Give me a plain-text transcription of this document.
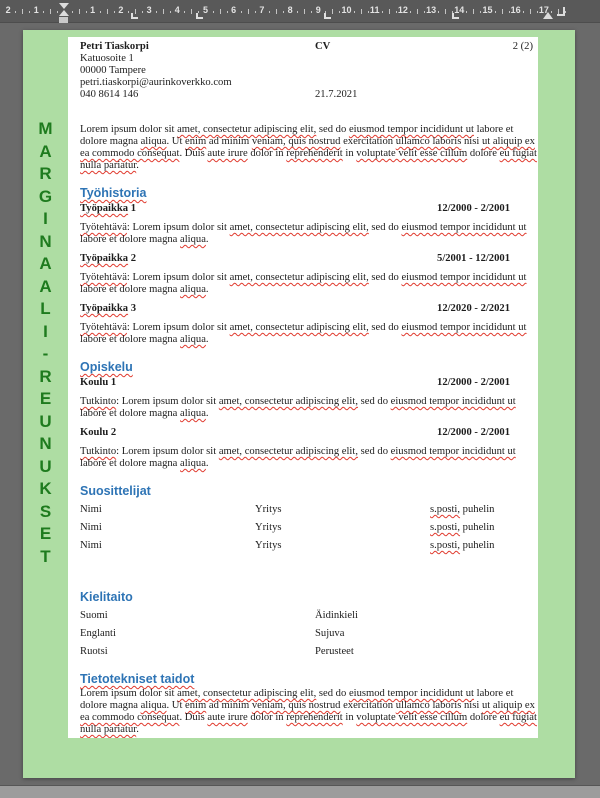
1	2	3	4	5	6	7	8	9 10 11 12 13 14 15 16 17
2	1
M
A
R
G
I
N
A
A
L
I
-
R
E
U
N
U
K
S
E
T
Petri Tiaskorpi
Katuosoite 1
00000 Tampere
petri.tiaskorpi@aurinkoverkko.com
040 8614 146
CV
21.7.2021
2 (2)

Lorem ipsum dolor sit amet, consectetur adipiscing elit, sed do eiusmod tempor incididunt ut labore et dolore magna aliqua. Ut enim ad minim veniam, quis nostrud exercitation ullamco laboris nisi ut aliquip ex ea commodo consequat. Duis aute irure dolor in reprehenderit in voluptate velit esse cillum dolore eu fugiat nulla pariatur.

Työhistoria
Työpaikka 1	12/2000 - 2/2001

Työtehtävä: Lorem ipsum dolor sit amet, consectetur adipiscing elit, sed do eiusmod tempor incididunt ut labore et dolore magna aliqua.

Työpaikka 2	5/2001 - 12/2001

Työtehtävä: Lorem ipsum dolor sit amet, consectetur adipiscing elit, sed do eiusmod tempor incididunt ut labore et dolore magna aliqua.

Työpaikka 3	12/2020 - 2/2021

Työtehtävä: Lorem ipsum dolor sit amet, consectetur adipiscing elit, sed do eiusmod tempor incididunt ut labore et dolore magna aliqua.

Opiskelu
Koulu 1	12/2000 - 2/2001

Tutkinto: Lorem ipsum dolor sit amet, consectetur adipiscing elit, sed do eiusmod tempor incididunt ut labore et dolore magna aliqua.

Koulu 2	12/2000 - 2/2001

Tutkinto: Lorem ipsum dolor sit amet, consectetur adipiscing elit, sed do eiusmod tempor incididunt ut labore et dolore magna aliqua.

Suosittelijat
Nimi	Yritys	s.posti, puhelin
Nimi	Yritys	s.posti, puhelin
Nimi	Yritys	s.posti, puhelin
Kielitaito
Suomi	Äidinkieli
Englanti	Sujuva
Ruotsi	Perusteet
Tietotekniset taidot

Lorem ipsum dolor sit amet, consectetur adipiscing elit, sed do eiusmod tempor incididunt ut labore et dolore magna aliqua. Ut enim ad minim veniam, quis nostrud exercitation ullamco laboris nisi ut aliquip ex ea commodo consequat. Duis aute irure dolor in reprehenderit in voluptate velit esse cillum dolore eu fugiat nulla pariatur.
